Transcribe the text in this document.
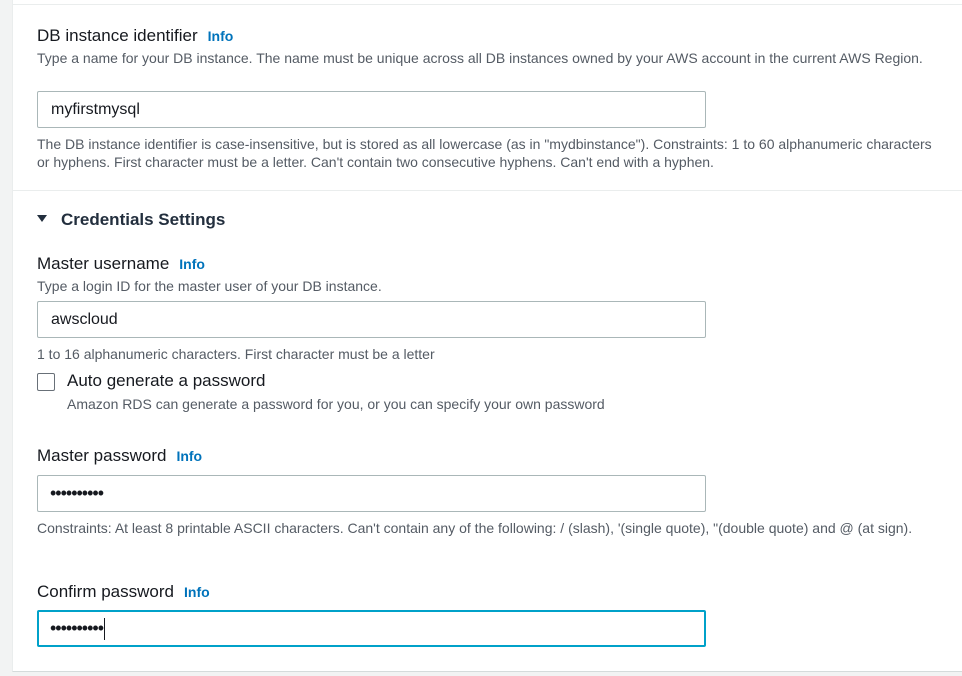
DB instance identifier Info
Type a name for your DB instance. The name must be unique across all DB instances owned by your AWS account in the current AWS Region.
myfirstmysql
The DB instance identifier is case-insensitive, but is stored as all lowercase (as in "mydbinstance"). Constraints: 1 to 60 alphanumeric characters or hyphens. First character must be a letter. Can't contain two consecutive hyphens. Can't end with a hyphen.
Credentials Settings
Master username Info
Type a login ID for the master user of your DB instance.
awscloud
1 to 16 alphanumeric characters. First character must be a letter
Auto generate a password
Amazon RDS can generate a password for you, or you can specify your own password
Master password Info
••••••••••
Constraints: At least 8 printable ASCII characters. Can't contain any of the following: / (slash), '(single quote), "(double quote) and @ (at sign).
Confirm password Info
••••••••••
